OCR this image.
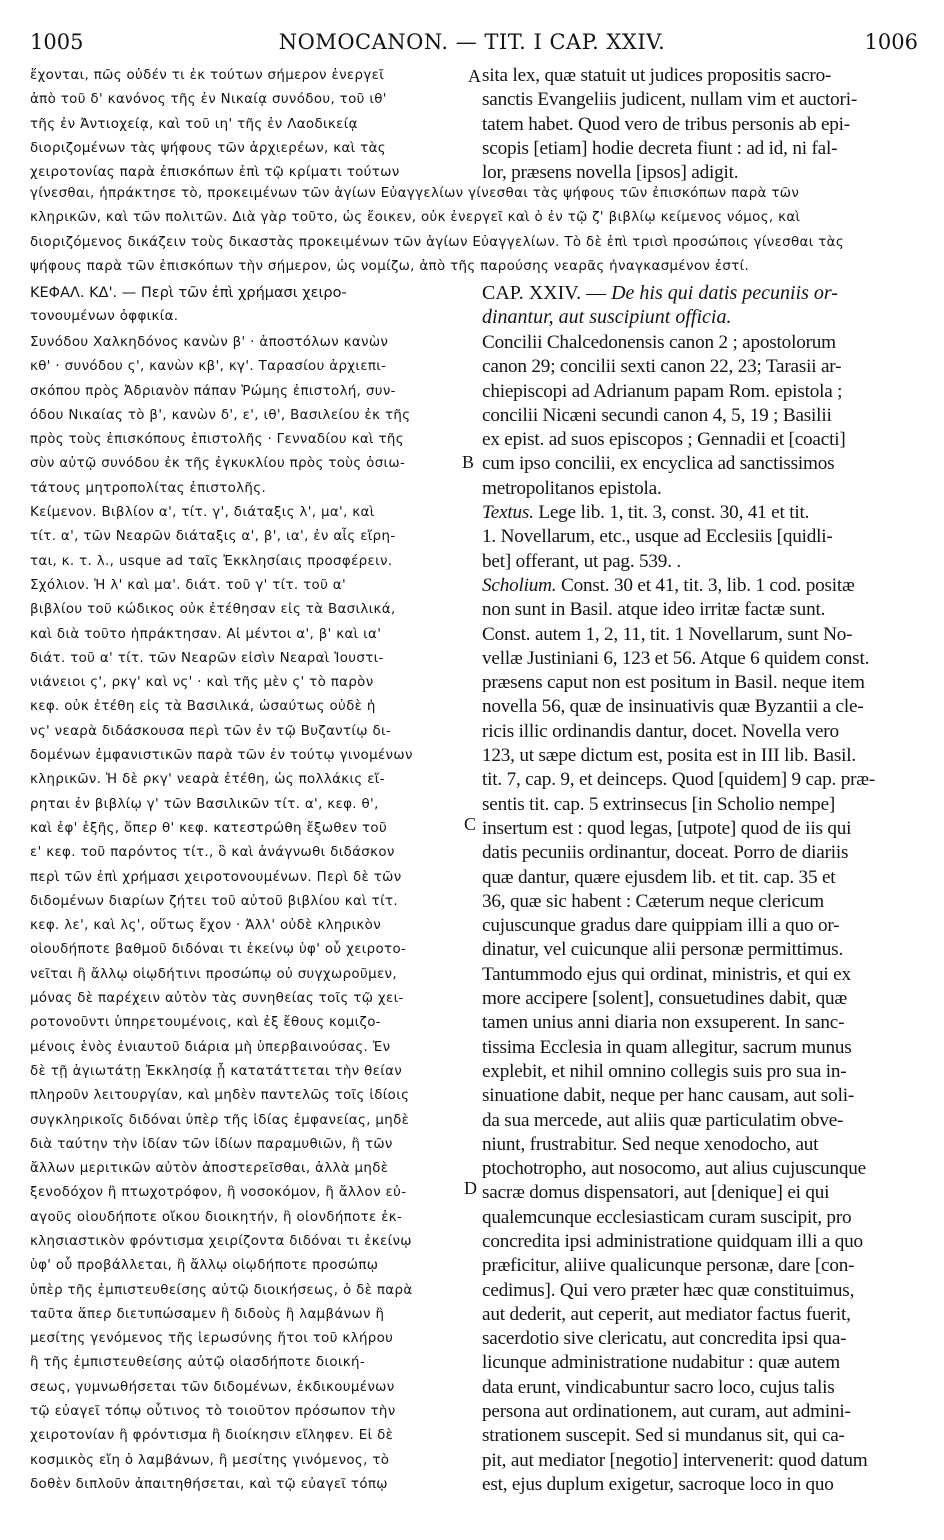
1005	NOMOCANON. — TIT. I CAP. XXIV.	1006
ἔχονται, πῶς οὐδέν τι ἐκ τούτων σήμερον ἐνεργεῖ
ἀπὸ τοῦ δ' κανόνος τῆς ἐν Νικαίᾳ συνόδου, τοῦ ιθ'
τῆς ἐν Ἀντιοχείᾳ, καὶ τοῦ ιη' τῆς ἐν Λαοδικείᾳ
διοριζομένων τὰς ψήφους τῶν ἀρχιερέων, καὶ τὰς
χειροτονίας παρὰ ἐπισκόπων ἐπὶ τῷ κρίματι τούτων
sita lex, quæ statuit ut judices propositis sacro-
sanctis Evangeliis judicent, nullam vim et auctori-
tatem habet. Quod vero de tribus personis ab epi-
scopis [etiam] hodie decreta fiunt : ad id, ni fal-
lor, præsens novella [ipsos] adigit.
A
γίνεσθαι, ἠπράκτησε τὸ, προκειμένων τῶν ἁγίων Εὐαγγελίων γίνεσθαι τὰς ψήφους τῶν ἐπισκόπων παρὰ τῶν
κληρικῶν, καὶ τῶν πολιτῶν. Διὰ γὰρ τοῦτο, ὡς ἔοικεν, οὐκ ἐνεργεῖ καὶ ὁ ἐν τῷ ζ' βιβλίῳ κείμενος νόμος, καὶ
διοριζόμενος δικάζειν τοὺς δικαστὰς προκειμένων τῶν ἁγίων Εὐαγγελίων. Τὸ δὲ ἐπὶ τρισὶ προσώποις γίνεσθαι τὰς
ψήφους παρὰ τῶν ἐπισκόπων τὴν σήμερον, ὡς νομίζω, ἀπὸ τῆς παρούσης νεαρᾶς ἠναγκασμένον ἐστί.
ΚΕΦΑΛ. ΚΔ'. — Περὶ τῶν ἐπὶ χρήμασι χειρο-
τονουμένων ὀφφικία.
CAP. XXIV. — De his qui datis pecuniis or-
dinantur, aut suscipiunt officia.
Συνόδου Χαλκηδόνος κανὼν β' · ἀποστόλων κανὼν
κθ' · συνόδου ς', κανὼν κβ', κγ'. Ταρασίου ἀρχιεπι-
σκόπου πρὸς Ἀδριανὸν πάπαν Ῥώμης ἐπιστολή, συν-
όδου Νικαίας τὸ β', κανὼν δ', ε', ιθ', Βασιλείου ἐκ τῆς
πρὸς τοὺς ἐπισκόπους ἐπιστολῆς · Γενναδίου καὶ τῆς
σὺν αὐτῷ συνόδου ἐκ τῆς ἐγκυκλίου πρὸς τοὺς ὁσιω-
τάτους μητροπολίτας ἐπιστολῆς.
Κείμενον. Βιβλίον α', τίτ. γ', διάταξις λ', μα', καὶ
τίτ. α', τῶν Νεαρῶν διάταξις α', β', ια', ἐν αἷς εἴρη-
ται, κ. τ. λ., usque ad ταῖς Ἐκκλησίαις προσφέρειν.
Σχόλιον. Ἡ λ' καὶ μα'. διάτ. τοῦ γ' τίτ. τοῦ α'
βιβλίου τοῦ κώδικος οὐκ ἐτέθησαν εἰς τὰ Βασιλικά,
καὶ διὰ τοῦτο ἠπράκτησαν. Αἱ μέντοι α', β' καὶ ια'
διάτ. τοῦ α' τίτ. τῶν Νεαρῶν εἰσὶν Νεαραὶ Ἰουστι-
νιάνειοι ς', ρκγ' καὶ νς' · καὶ τῆς μὲν ς' τὸ παρὸν
κεφ. οὐκ ἐτέθη εἰς τὰ Βασιλικά, ὡσαύτως οὐδὲ ἡ
νς' νεαρὰ διδάσκουσα περὶ τῶν ἐν τῷ Βυζαντίῳ δι-
δομένων ἐμφανιστικῶν παρὰ τῶν ἐν τούτῳ γινομένων
κληρικῶν. Ἡ δὲ ρκγ' νεαρὰ ἐτέθη, ὡς πολλάκις εἴ-
ρηται ἐν βιβλίῳ γ' τῶν Βασιλικῶν τίτ. α', κεφ. θ',
καὶ ἐφ' ἑξῆς, ὅπερ θ' κεφ. κατεστρώθη ἔξωθεν τοῦ
ε' κεφ. τοῦ παρόντος τίτ., ὃ καὶ ἀνάγνωθι διδάσκον
περὶ τῶν ἐπὶ χρήμασι χειροτονουμένων. Περὶ δὲ τῶν
διδομένων διαρίων ζήτει τοῦ αὐτοῦ βιβλίου καὶ τίτ.
κεφ. λε', καὶ λς', οὕτως ἔχον · Ἀλλ' οὐδὲ κληρικὸν
οἱουδήποτε βαθμοῦ διδόναι τι ἐκείνῳ ὑφ' οὗ χειροτο-
νεῖται ἢ ἄλλῳ οἱῳδήτινι προσώπῳ οὐ συγχωροῦμεν,
μόνας δὲ παρέχειν αὐτὸν τὰς συνηθείας τοῖς τῷ χει-
ροτονοῦντι ὑπηρετουμένοις, καὶ ἐξ ἔθους κομιζο-
μένοις ἑνὸς ἐνιαυτοῦ διάρια μὴ ὑπερβαινούσας. Ἐν
δὲ τῇ ἁγιωτάτῃ Ἐκκλησίᾳ ᾗ κατατάττεται τὴν θείαν
πληροῦν λειτουργίαν, καὶ μηδὲν παντελῶς τοῖς ἰδίοις
συγκληρικοῖς διδόναι ὑπὲρ τῆς ἰδίας ἐμφανείας, μηδὲ
διὰ ταύτην τὴν ἰδίαν τῶν ἰδίων παραμυθιῶν, ἢ τῶν
ἄλλων μεριτικῶν αὐτὸν ἀποστερεῖσθαι, ἀλλὰ μηδὲ
ξενοδόχον ἢ πτωχοτρόφον, ἢ νοσοκόμον, ἢ ἄλλον εὐ-
αγοῦς οἱουδήποτε οἴκου διοικητήν, ἢ οἱονδήποτε ἐκ-
κλησιαστικὸν φρόντισμα χειρίζοντα διδόναι τι ἐκείνῳ
ὑφ' οὗ προβάλλεται, ἢ ἄλλῳ οἱῳδήποτε προσώπῳ
ὑπὲρ τῆς ἐμπιστευθείσης αὐτῷ διοικήσεως, ὁ δὲ παρὰ
ταῦτα ἅπερ διετυπώσαμεν ἢ διδοὺς ἢ λαμβάνων ἢ
μεσίτης γενόμενος τῆς ἱερωσύνης ἤτοι τοῦ κλήρου
ἢ τῆς ἐμπιστευθείσης αὐτῷ οἱασδήποτε διοική-
σεως, γυμνωθήσεται τῶν διδομένων, ἐκδικουμένων
τῷ εὐαγεῖ τόπῳ οὗτινος τὸ τοιοῦτον πρόσωπον τὴν
χειροτονίαν ἢ φρόντισμα ἢ διοίκησιν εἴληφεν. Εἰ δὲ
κοσμικὸς εἴη ὁ λαμβάνων, ἢ μεσίτης γινόμενος, τὸ
δοθὲν διπλοῦν ἀπαιτηθήσεται, καὶ τῷ εὐαγεῖ τόπῳ
Concilii Chalcedonensis canon 2 ; apostolorum
canon 29; concilii sexti canon 22, 23; Tarasii ar-
chiepiscopi ad Adrianum papam Rom. epistola ;
concilii Nicæni secundi canon 4, 5, 19 ; Basilii
ex epist. ad suos episcopos ; Gennadii et [coacti]
cum ipso concilii, ex encyclica ad sanctissimos
metropolitanos epistola.
Textus. Lege lib. 1, tit. 3, const. 30, 41 et tit.
1. Novellarum, etc., usque ad Ecclesiis [quidli-
bet] offerant, ut pag. 539. .
Scholium. Const. 30 et 41, tit. 3, lib. 1 cod. positæ
non sunt in Basil. atque ideo irritæ factæ sunt.
Const. autem 1, 2, 11, tit. 1 Novellarum, sunt No-
vellæ Justiniani 6, 123 et 56. Atque 6 quidem const.
præsens caput non est positum in Basil. neque item
novella 56, quæ de insinuativis quæ Byzantii a cle-
ricis illic ordinandis dantur, docet. Novella vero
123, ut sæpe dictum est, posita est in III lib. Basil.
tit. 7, cap. 9, et deinceps. Quod [quidem] 9 cap. præ-
sentis tit. cap. 5 extrinsecus [in Scholio nempe]
insertum est : quod legas, [utpote] quod de iis qui
datis pecuniis ordinantur, doceat. Porro de diariis
quæ dantur, quære ejusdem lib. et tit. cap. 35 et
36, quæ sic habent : Cæterum neque clericum
cujuscunque gradus dare quippiam illi a quo or-
dinatur, vel cuicunque alii personæ permittimus.
Tantummodo ejus qui ordinat, ministris, et qui ex
more accipere [solent], consuetudines dabit, quæ
tamen unius anni diaria non exsuperent. In sanc-
tissima Ecclesia in quam allegitur, sacrum munus
explebit, et nihil omnino collegis suis pro sua in-
sinuatione dabit, neque per hanc causam, aut soli-
da sua mercede, aut aliis quæ particulatim obve-
niunt, frustrabitur. Sed neque xenodocho, aut
ptochotropho, aut nosocomo, aut alius cujuscunque
sacræ domus dispensatori, aut [denique] ei qui
qualemcunque ecclesiasticam curam suscipit, pro
concredita ipsi administratione quidquam illi a quo
præficitur, aliive qualicunque personæ, dare [con-
cedimus]. Qui vero præter hæc quæ constituimus,
aut dederit, aut ceperit, aut mediator factus fuerit,
sacerdotio sive clericatu, aut concredita ipsi qua-
licunque administratione nudabitur : quæ autem
data erunt, vindicabuntur sacro loco, cujus talis
persona aut ordinationem, aut curam, aut admini-
strationem suscepit. Sed si mundanus sit, qui ca-
pit, aut mediator [negotio] intervenerit: quod datum
est, ejus duplum exigetur, sacroque loco in quo
B
C
D
